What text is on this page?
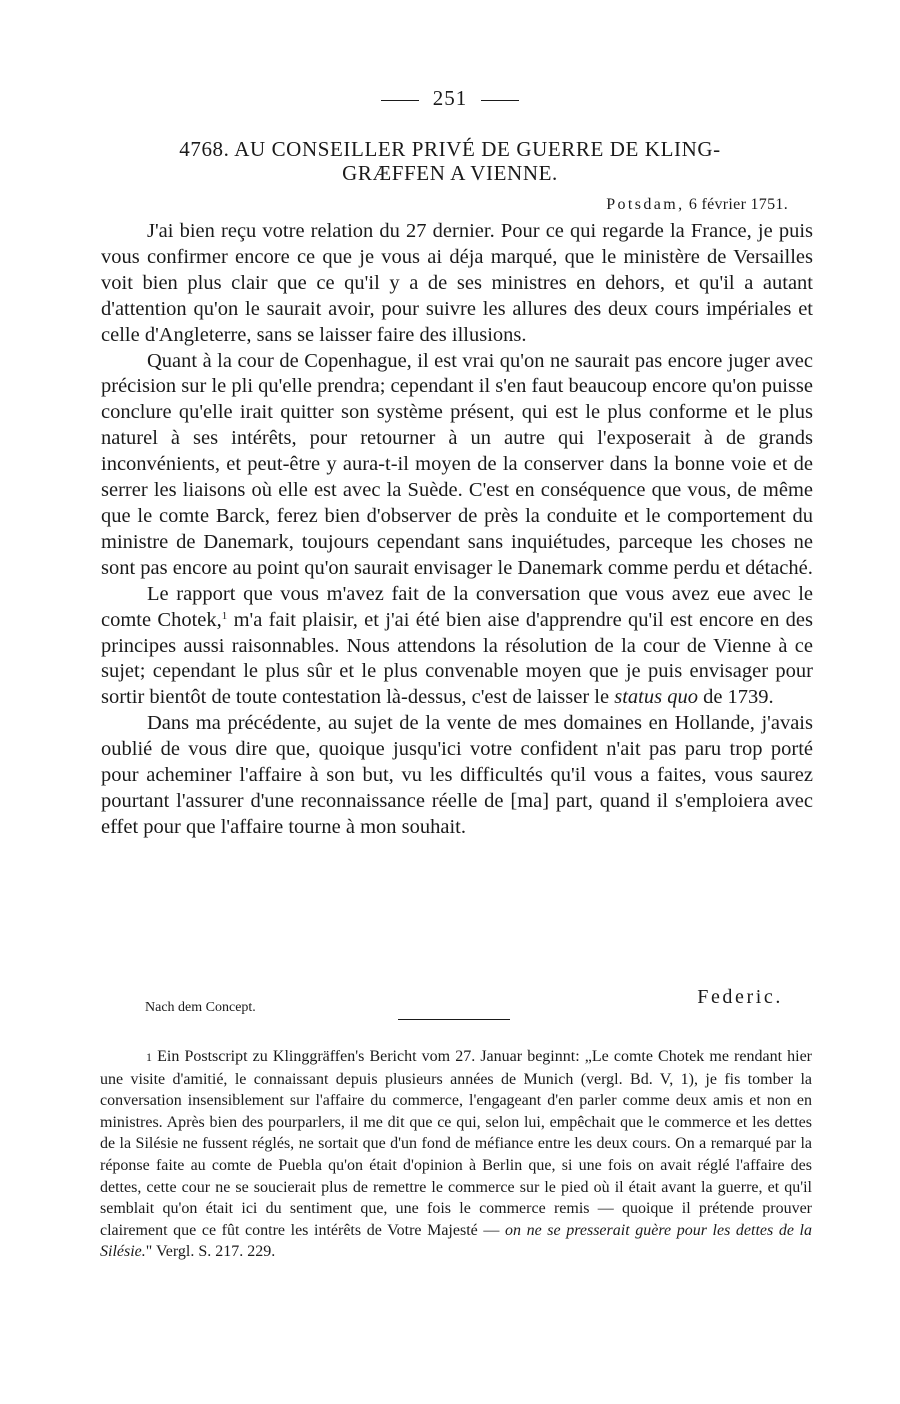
251
4768. AU CONSEILLER PRIVÉ DE GUERRE DE KLING-
GRÆFFEN A VIENNE.
Potsdam, 6 février 1751.

J'ai bien reçu votre relation du 27 dernier. Pour ce qui regarde la France, je puis vous confirmer encore ce que je vous ai déja marqué, que le ministère de Versailles voit bien plus clair que ce qu'il y a de ses ministres en dehors, et qu'il a autant d'attention qu'on le saurait avoir, pour suivre les allures des deux cours impériales et celle d'Angleterre, sans se laisser faire des illusions.

Quant à la cour de Copenhague, il est vrai qu'on ne saurait pas encore juger avec précision sur le pli qu'elle prendra; cependant il s'en faut beaucoup encore qu'on puisse conclure qu'elle irait quitter son système présent, qui est le plus conforme et le plus naturel à ses intérêts, pour retourner à un autre qui l'exposerait à de grands inconvénients, et peut-être y aura-t-il moyen de la conserver dans la bonne voie et de serrer les liaisons où elle est avec la Suède. C'est en conséquence que vous, de même que le comte Barck, ferez bien d'observer de près la conduite et le comportement du ministre de Danemark, toujours cependant sans inquiétudes, parceque les choses ne sont pas encore au point qu'on saurait envisager le Danemark comme perdu et détaché.

Le rapport que vous m'avez fait de la conversation que vous avez eue avec le comte Chotek,$^1$ m'a fait plaisir, et j'ai été bien aise d'apprendre qu'il est encore en des principes aussi raisonnables. Nous attendons la résolution de la cour de Vienne à ce sujet; cependant le plus sûr et le plus convenable moyen que je puis envisager pour sortir bientôt de toute contestation là-dessus, c'est de laisser le status quo de 1739.

Dans ma précédente, au sujet de la vente de mes domaines en Hollande, j'avais oublié de vous dire que, quoique jusqu'ici votre confident n'ait pas paru trop porté pour acheminer l'affaire à son but, vu les difficultés qu'il vous a faites, vous saurez pourtant l'assurer d'une reconnaissance réelle de [ma] part, quand il s'emploiera avec effet pour que l'affaire tourne à mon souhait.

Nach dem Concept.	Federic.

1 Ein Postscript zu Klinggräffen's Bericht vom 27. Januar beginnt: „Le comte Chotek me rendant hier une visite d'amitié, le connaissant depuis plusieurs années de Munich (vergl. Bd. V, 1), je fis tomber la conversation insensiblement sur l'affaire du commerce, l'engageant d'en parler comme deux amis et non en ministres. Après bien des pourparlers, il me dit que ce qui, selon lui, empêchait que le commerce et les dettes de la Silésie ne fussent réglés, ne sortait que d'un fond de méfiance entre les deux cours. On a remarqué par la réponse faite au comte de Puebla qu'on était d'opinion à Berlin que, si une fois on avait réglé l'affaire des dettes, cette cour ne se soucierait plus de remettre le commerce sur le pied où il était avant la guerre, et qu'il semblait qu'on était ici du sentiment que, une fois le commerce remis — quoique il prétende prouver clairement que ce fût contre les intérêts de Votre Majesté — on ne se presserait guère pour les dettes de la Silésie." Vergl. S. 217. 229.
